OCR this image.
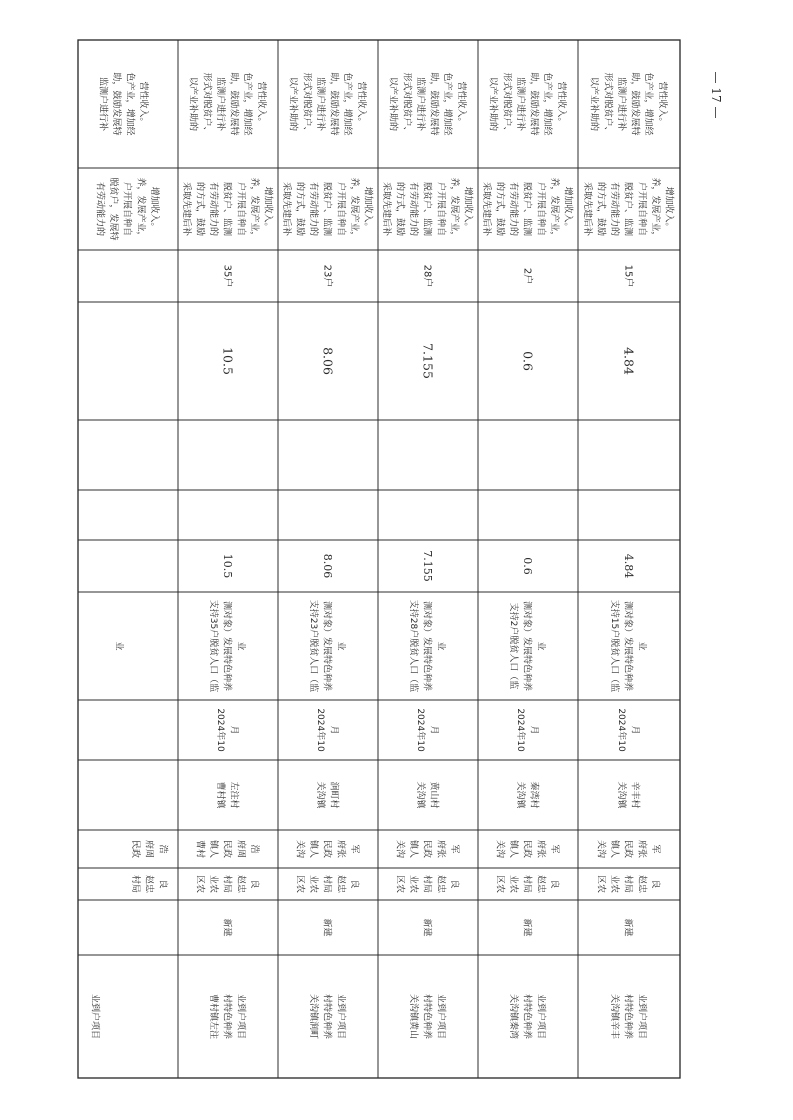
业到户项目
村局 赵忠 良
民政 府周 浩
业
有劳动能力的 脱贫户，发展特 户开展自种自 养，发展产业， 增加收入。
监测户进行补 助，鼓励发展特 色产业，增加经 营性收入。
曹村镇左注 村特色种养 业到户项目
新建
区农 业农 村局 赵忠 良
曹村 镇人 民政 府周 浩
曹村镇 左注村
2024年10 月
支持35户脱贫人口（监 测对象）发展特色种养 业
10.5
10.5
35户
采取先建后补 的方式，鼓励 有劳动能力的 脱贫户、监测 户开展自种自 养，发展产业， 增加收入。
以产业补助的 形式对脱贫户、 监测户进行补 助，鼓励发展特 色产业，增加经 营性收入。
关沟镇涧町 村特色种养 业到户项目
新建
区农 业农 村局 赵忠 良
关沟 镇人 民政 府张 军
关沟镇 涧町村
2024年10 月
支持23户脱贫人口（监 测对象）发展特色种养 业
8.06
8.06
23户
采取先建后补 的方式，鼓励 有劳动能力的 脱贫户、监测 户开展自种自 养，发展产业， 增加收入。
以产业补助的 形式对脱贫户、 监测户进行补 助，鼓励发展特 色产业，增加经 营性收入。
关沟镇黄山 村特色种养 业到户项目
新建
区农 业农 村局 赵忠 良
关沟 镇人 民政 府张 军
关沟镇 黄山村
2024年10 月
支持28户脱贫人口（监 测对象）发展特色种养 业
7.155
7.155
28户
采取先建后补 的方式，鼓励 有劳动能力的 脱贫户、监测 户开展自种自 养，发展产业， 增加收入。
以产业补助的 形式对脱贫户、 监测户进行补 助，鼓励发展特 色产业，增加经 营性收入。
关沟镇秦湾 村特色种养 业到户项目
新建
区农 业农 村局 赵忠 良
关沟 镇人 民政 府张 军
关沟镇 秦湾村
2024年10 月
支持2户脱贫人口（监 测对象）发展特色种养 业
0.6
0.6
2户
采取先建后补 的方式，鼓励 有劳动能力的 脱贫户、监测 户开展自种自 养，发展产业， 增加收入。
以产业补助的 形式对脱贫户、 监测户进行补 助，鼓励发展特 色产业，增加经 营性收入。
关沟镇辛丰 村特色种养 业到户项目
新建
区农 业农 村局 赵忠 良
关沟 镇人 民政 府张 军
关沟镇 辛丰村
2024年10 月
支持15户脱贫人口（监 测对象）发展特色种养 业
4.84
4.84
15户
采取先建后补 的方式，鼓励 有劳动能力的 脱贫户、监测 户开展自种自 养，发展产业， 增加收入。
以产业补助的 形式对脱贫户、 监测户进行补 助，鼓励发展特 色产业，增加经 营性收入。	— 17 —
